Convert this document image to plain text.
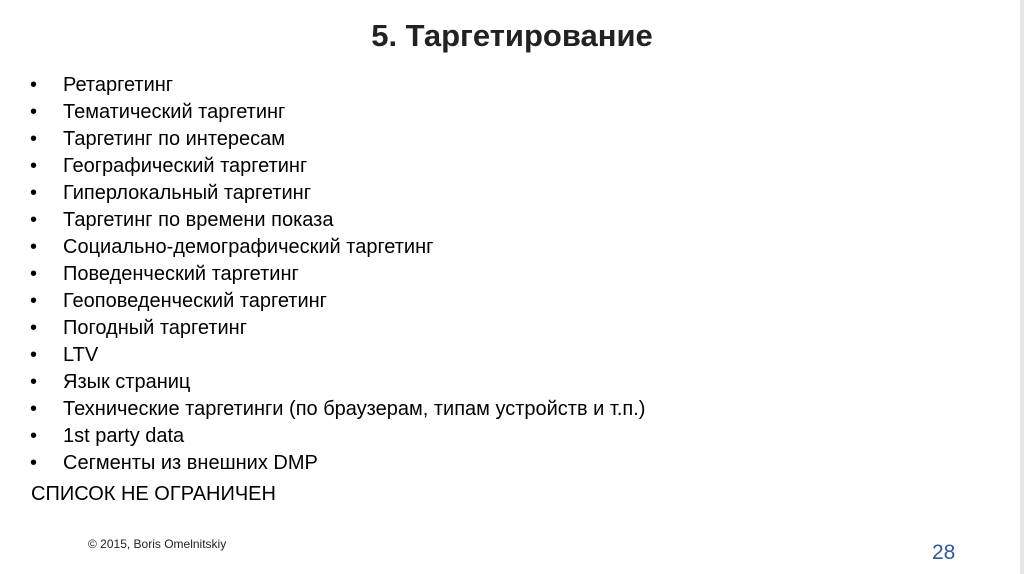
5. Таргетирование
• Ретаргетинг
• Тематический таргетинг
• Таргетинг по интересам
• Географический таргетинг
• Гиперлокальный таргетинг
• Таргетинг по времени показа
• Социально-демографический таргетинг
• Поведенческий таргетинг
• Геоповеденческий таргетинг
• Погодный таргетинг
• LTV
• Язык страниц
• Технические таргетинги (по браузерам, типам устройств и т.п.)
• 1st party data
• Сегменты из внешних DMP
СПИСОК НЕ ОГРАНИЧЕН
© 2015, Boris Omelnitskiy	28
